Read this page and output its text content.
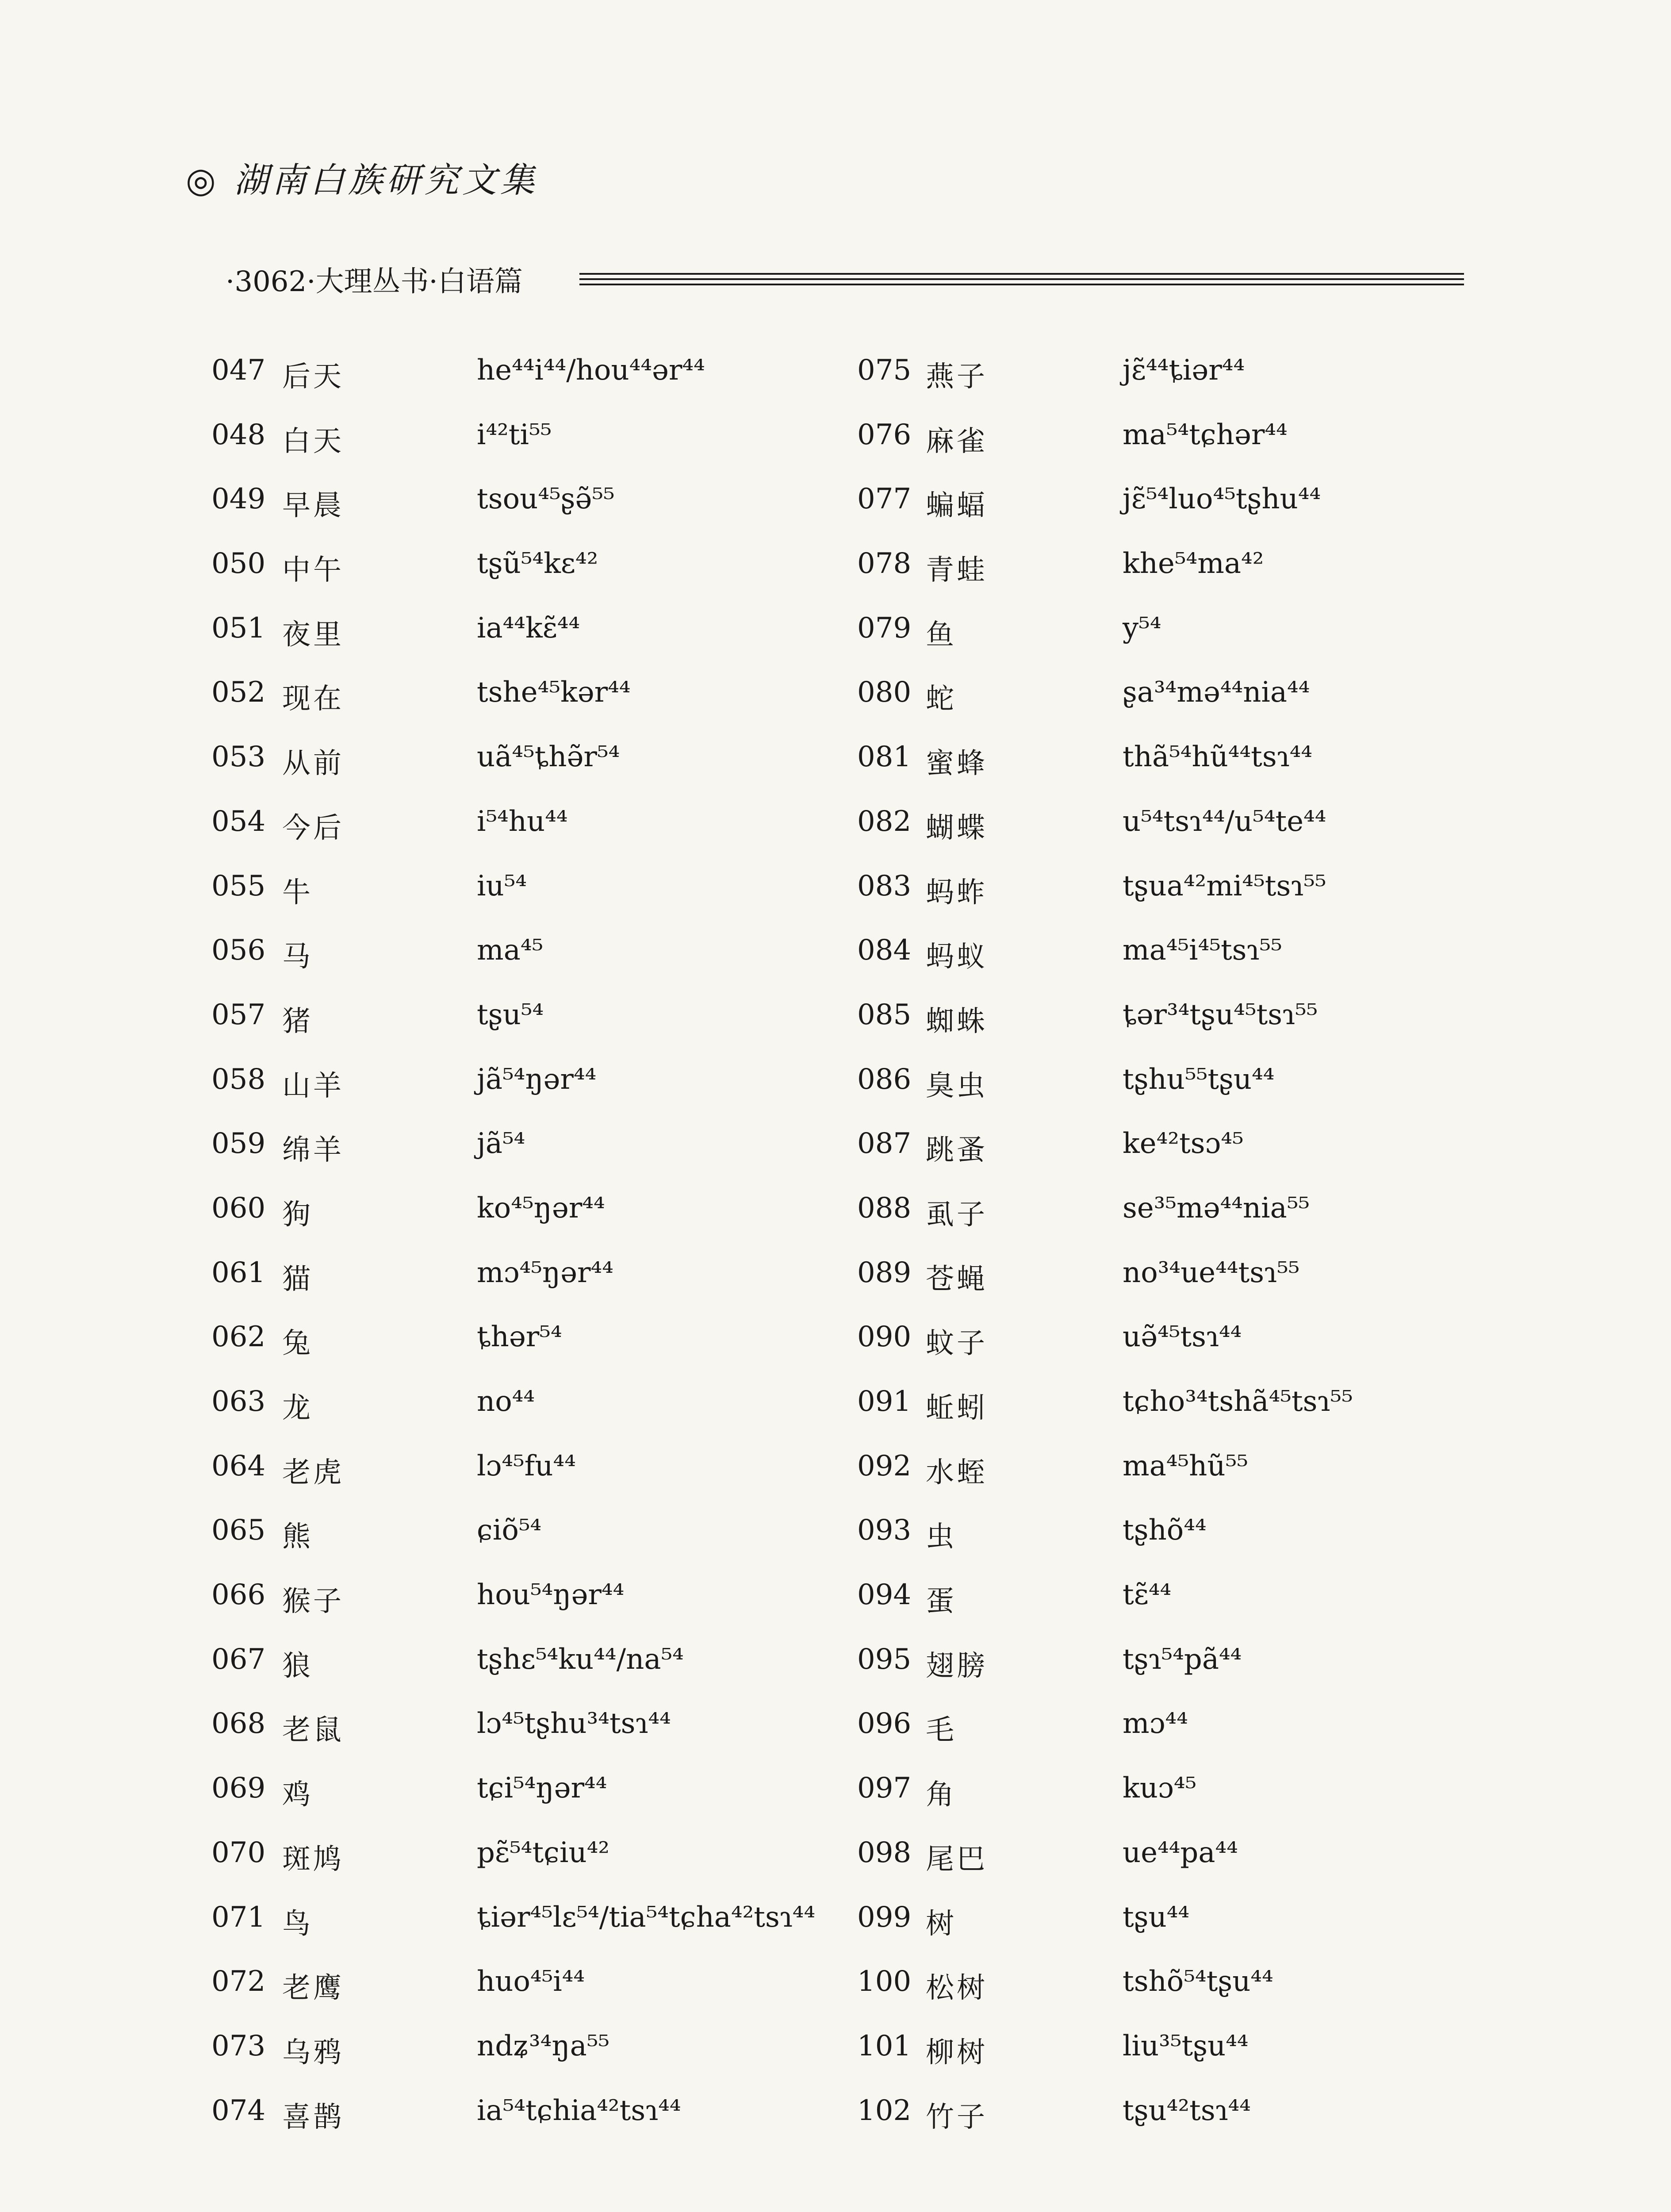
◎ 湖南白族研究文集
·3062·大理丛书·白语篇
047 后天	he⁴⁴i⁴⁴/hou⁴⁴ər⁴⁴
048 白天	i⁴²ti⁵⁵
049 早晨	tsou⁴⁵ʂə̃⁵⁵
050 中午	tʂũ⁵⁴kɛ⁴²
051 夜里	ia⁴⁴kɛ̃⁴⁴
052 现在	tshe⁴⁵kər⁴⁴
053 从前	uã⁴⁵ȶhə̃r⁵⁴
054 今后	i⁵⁴hu⁴⁴
055 牛	iu⁵⁴
056 马	ma⁴⁵
057 猪	tʂu⁵⁴
058 山羊	jã⁵⁴ŋər⁴⁴
059 绵羊	jã⁵⁴
060 狗	ko⁴⁵ŋər⁴⁴
061 猫	mɔ⁴⁵ŋər⁴⁴
062 兔	ȶhər⁵⁴
063 龙	no⁴⁴
064 老虎	lɔ⁴⁵fu⁴⁴
065 熊	ɕiõ⁵⁴
066 猴子	hou⁵⁴ŋər⁴⁴
067 狼	tʂhɛ⁵⁴ku⁴⁴/na⁵⁴
068 老鼠	lɔ⁴⁵tʂhu³⁴tsɿ⁴⁴
069 鸡	tɕi⁵⁴ŋər⁴⁴
070 斑鸠	pɛ̃⁵⁴tɕiu⁴²
071 鸟	ȶiər⁴⁵lɛ⁵⁴/tia⁵⁴tɕha⁴²tsɿ⁴⁴
072 老鹰	huo⁴⁵i⁴⁴
073 乌鸦	ndʑ³⁴ŋa⁵⁵
074 喜鹊	ia⁵⁴tɕhia⁴²tsɿ⁴⁴
075 燕子	jɛ̃⁴⁴ȶiər⁴⁴
076 麻雀	ma⁵⁴tɕhər⁴⁴
077 蝙蝠	jɛ̃⁵⁴luo⁴⁵tʂhu⁴⁴
078 青蛙	khe⁵⁴ma⁴²
079 鱼	y⁵⁴
080 蛇	ʂa³⁴mə⁴⁴nia⁴⁴
081 蜜蜂	thã⁵⁴hũ⁴⁴tsɿ⁴⁴
082 蝴蝶	u⁵⁴tsɿ⁴⁴/u⁵⁴te⁴⁴
083 蚂蚱	tʂua⁴²mi⁴⁵tsɿ⁵⁵
084 蚂蚁	ma⁴⁵i⁴⁵tsɿ⁵⁵
085 蜘蛛	ȶər³⁴tʂu⁴⁵tsɿ⁵⁵
086 臭虫	tʂhu⁵⁵tʂu⁴⁴
087 跳蚤	ke⁴²tsɔ⁴⁵
088 虱子	se³⁵mə⁴⁴nia⁵⁵
089 苍蝇	no³⁴ue⁴⁴tsɿ⁵⁵
090 蚊子	uə̃⁴⁵tsɿ⁴⁴
091 蚯蚓	tɕho³⁴tshã⁴⁵tsɿ⁵⁵
092 水蛭	ma⁴⁵hũ⁵⁵
093 虫	tʂhõ⁴⁴
094 蛋	tɛ̃⁴⁴
095 翅膀	tʂɿ⁵⁴pã⁴⁴
096 毛	mɔ⁴⁴
097 角	kuɔ⁴⁵
098 尾巴	ue⁴⁴pa⁴⁴
099 树	tʂu⁴⁴
100 松树	tshõ⁵⁴tʂu⁴⁴
101 柳树	liu³⁵tʂu⁴⁴
102 竹子	tʂu⁴²tsɿ⁴⁴
